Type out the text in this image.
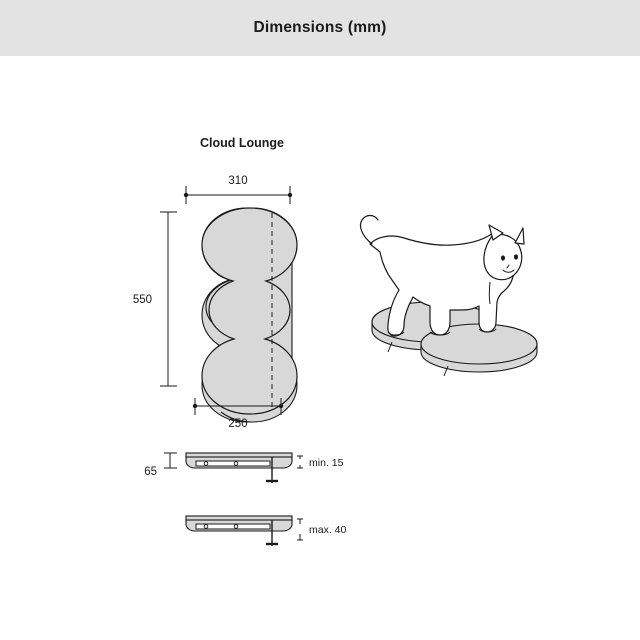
Dimensions (mm)
Cloud Lounge
310
550
250
min. 15
65
max. 40
